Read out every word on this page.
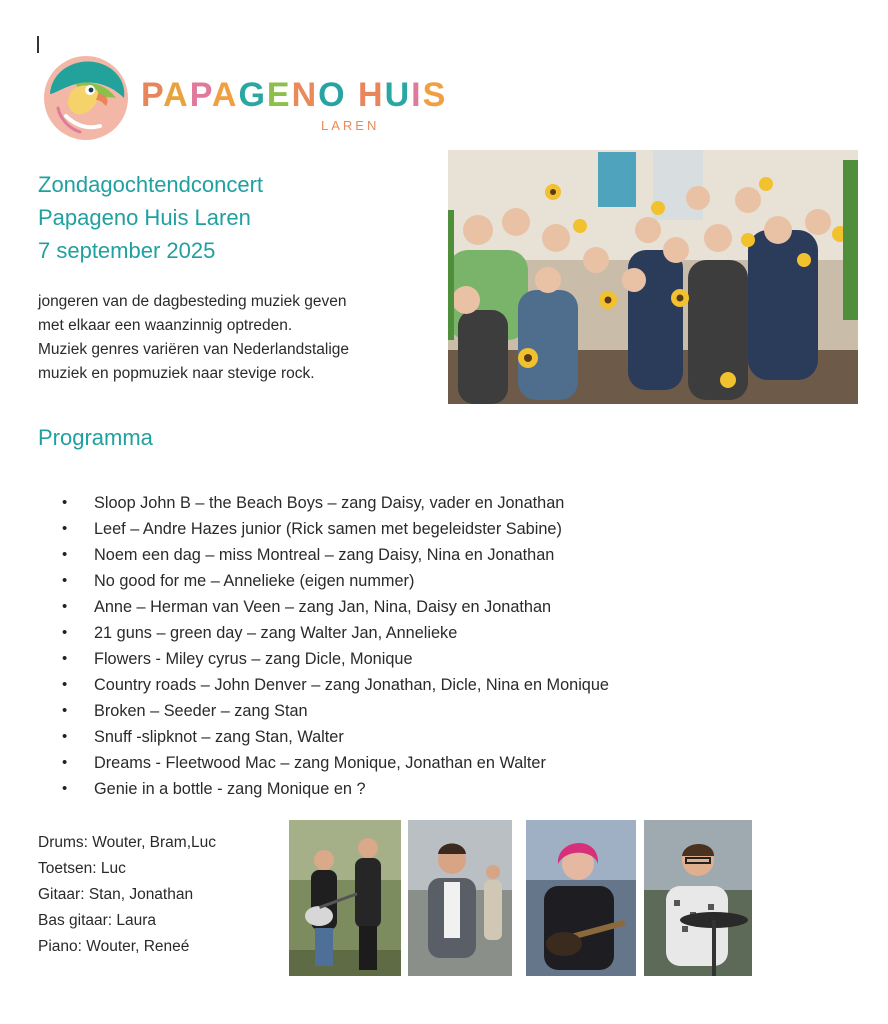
PAPAGENO HUIS
LAREN
Zondagochtendconcert
Papageno Huis Laren
7 september 2025
jongeren van de dagbesteding muziek geven
met elkaar een waanzinnig optreden.
Muziek genres variëren van Nederlandstalige
muziek en popmuziek naar stevige rock.
Programma
• Sloop John B – the Beach Boys – zang Daisy, vader en Jonathan
• Leef – Andre Hazes junior (Rick samen met begeleidster Sabine)
• Noem een dag – miss Montreal – zang Daisy, Nina en Jonathan
• No good for me – Annelieke (eigen nummer)
• Anne – Herman van Veen – zang Jan, Nina, Daisy en Jonathan
• 21 guns – green day – zang Walter Jan, Annelieke
• Flowers - Miley cyrus – zang Dicle, Monique
• Country roads – John Denver – zang Jonathan, Dicle, Nina en Monique
• Broken – Seeder – zang Stan
• Snuff -slipknot – zang Stan, Walter
• Dreams - Fleetwood Mac – zang Monique, Jonathan en Walter
• Genie in a bottle - zang Monique en ?
Drums: Wouter, Bram,Luc
Toetsen: Luc
Gitaar: Stan, Jonathan
Bas gitaar: Laura
Piano: Wouter, Reneé
